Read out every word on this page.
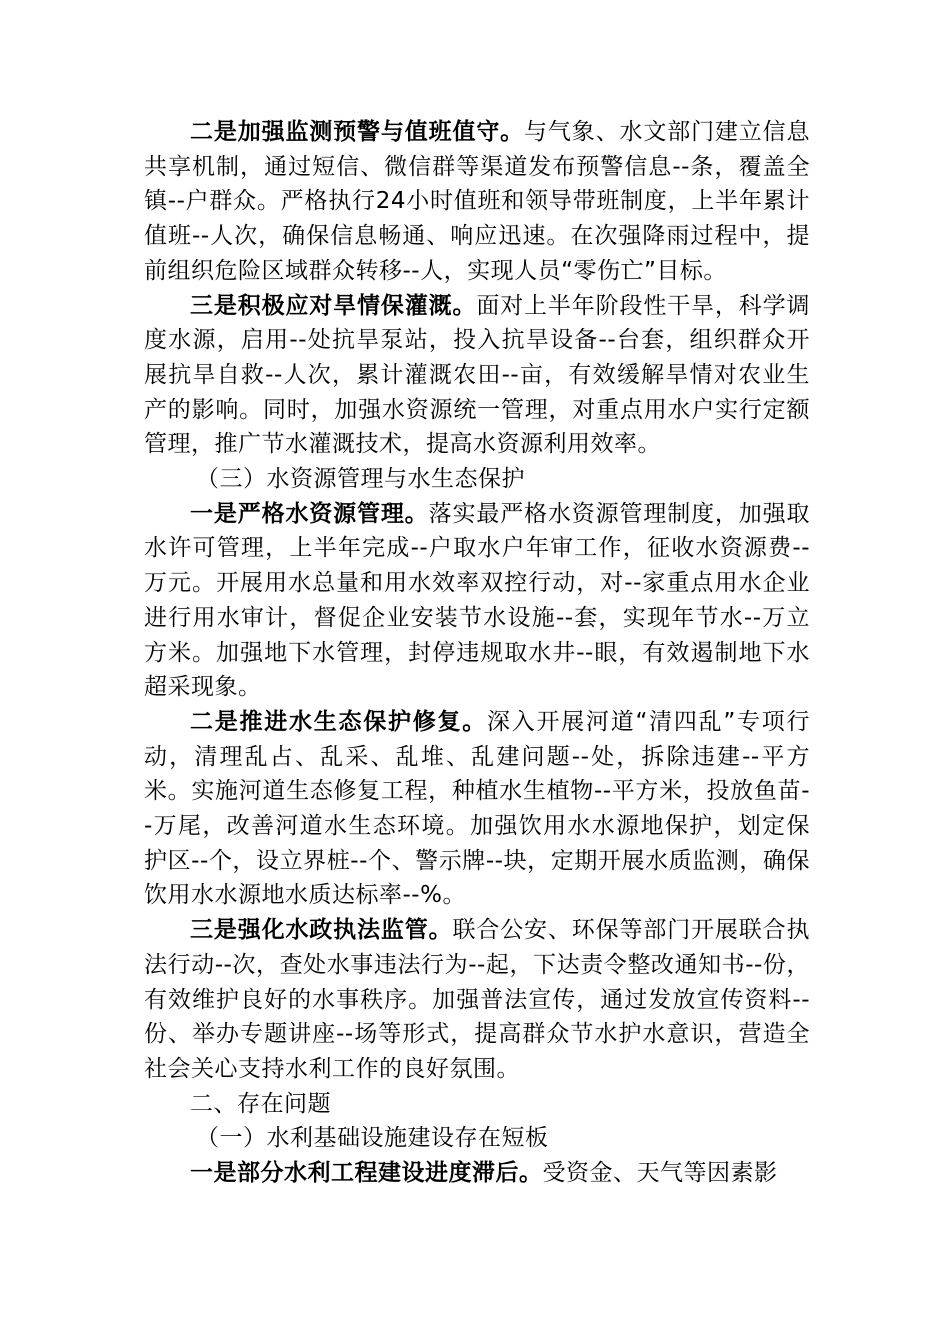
二是加强监测预警与值班值守。与气象、水文部门建立信息共享机制，通过短信、微信群等渠道发布预警信息--条，覆盖全镇--户群众。严格执行24小时值班和领导带班制度，上半年累计值班--人次，确保信息畅通、响应迅速。在次强降雨过程中，提前组织危险区域群众转移--人，实现人员“零伤亡”目标。

三是积极应对旱情保灌溉。面对上半年阶段性干旱，科学调度水源，启用--处抗旱泵站，投入抗旱设备--台套，组织群众开展抗旱自救--人次，累计灌溉农田--亩，有效缓解旱情对农业生产的影响。同时，加强水资源统一管理，对重点用水户实行定额管理，推广节水灌溉技术，提高水资源利用效率。

（三）水资源管理与水生态保护

一是严格水资源管理。落实最严格水资源管理制度，加强取水许可管理，上半年完成--户取水户年审工作，征收水资源费--万元。开展用水总量和用水效率双控行动，对--家重点用水企业进行用水审计，督促企业安装节水设施--套，实现年节水--万立方米。加强地下水管理，封停违规取水井--眼，有效遏制地下水超采现象。

二是推进水生态保护修复。深入开展河道“清四乱”专项行动，清理乱占、乱采、乱堆、乱建问题--处，拆除违建--平方米。实施河道生态修复工程，种植水生植物--平方米，投放鱼苗--万尾，改善河道水生态环境。加强饮用水水源地保护，划定保护区--个，设立界桩--个、警示牌--块，定期开展水质监测，确保饮用水水源地水质达标率--%。

三是强化水政执法监管。联合公安、环保等部门开展联合执法行动--次，查处水事违法行为--起，下达责令整改通知书--份，有效维护良好的水事秩序。加强普法宣传，通过发放宣传资料--份、举办专题讲座--场等形式，提高群众节水护水意识，营造全社会关心支持水利工作的良好氛围。

二、存在问题

（一）水利基础设施建设存在短板

一是部分水利工程建设进度滞后。受资金、天气等因素影
